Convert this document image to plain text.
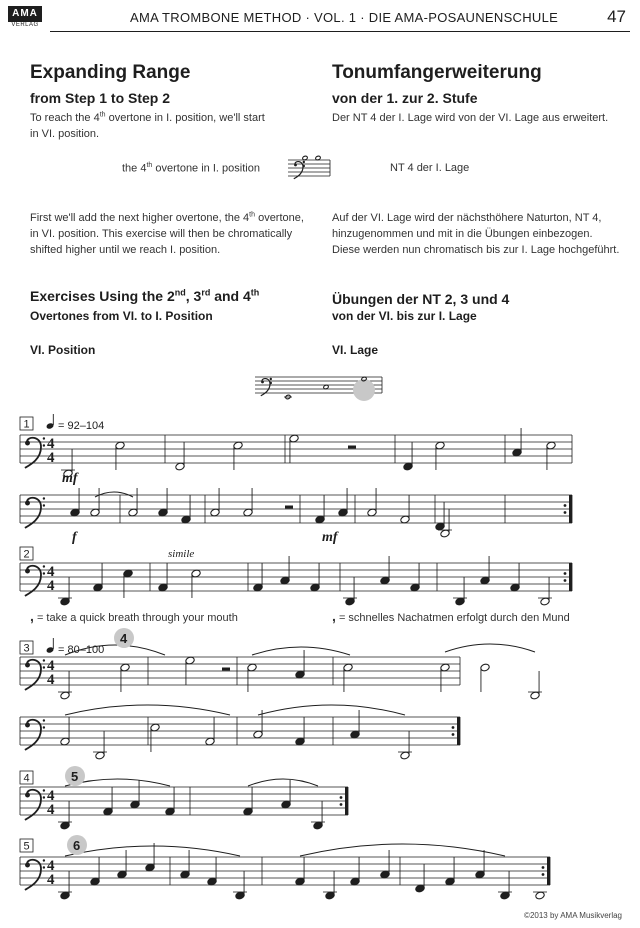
AMA
VERLAG	AMA TROMBONE METHOD · VOL. 1 · DIE AMA-POSAUNENSCHULE	47
Expanding Range
from Step 1 to Step 2
To reach the 4th overtone in I. position, we'll start
in VI. position.
the 4th overtone in I. position
First we'll add the next higher overtone, the 4th overtone,
in VI. position. This exercise will then be chromatically
shifted higher until we reach I. position.
Exercises Using the 2nd, 3rd and 4th
Overtones from VI. to I. Position
VI. Position
Tonumfangerweiterung
von der 1. zur 2. Stufe
Der NT 4 der I. Lage wird von der VI. Lage aus erweitert.
NT 4 der I. Lage
Auf der VI. Lage wird der nächsthöhere Naturton, NT 4,
hinzugenommen und mit in die Übungen einbezogen.
Diese werden nun chromatisch bis zur I. Lage hochgeführt.
Übungen der NT 2, 3 und 4
von der VI. bis zur I. Lage
VI. Lage
, = take a quick breath through your mouth	, = schnelles Nachatmen erfolgt durch den Mund
4
4
4
4
4
4
4
4
4
4
1
2
3
4
5
= 92–104
= 80–100
mf
f	mf
simile
4
5
6
©2013 by AMA Musikverlag
